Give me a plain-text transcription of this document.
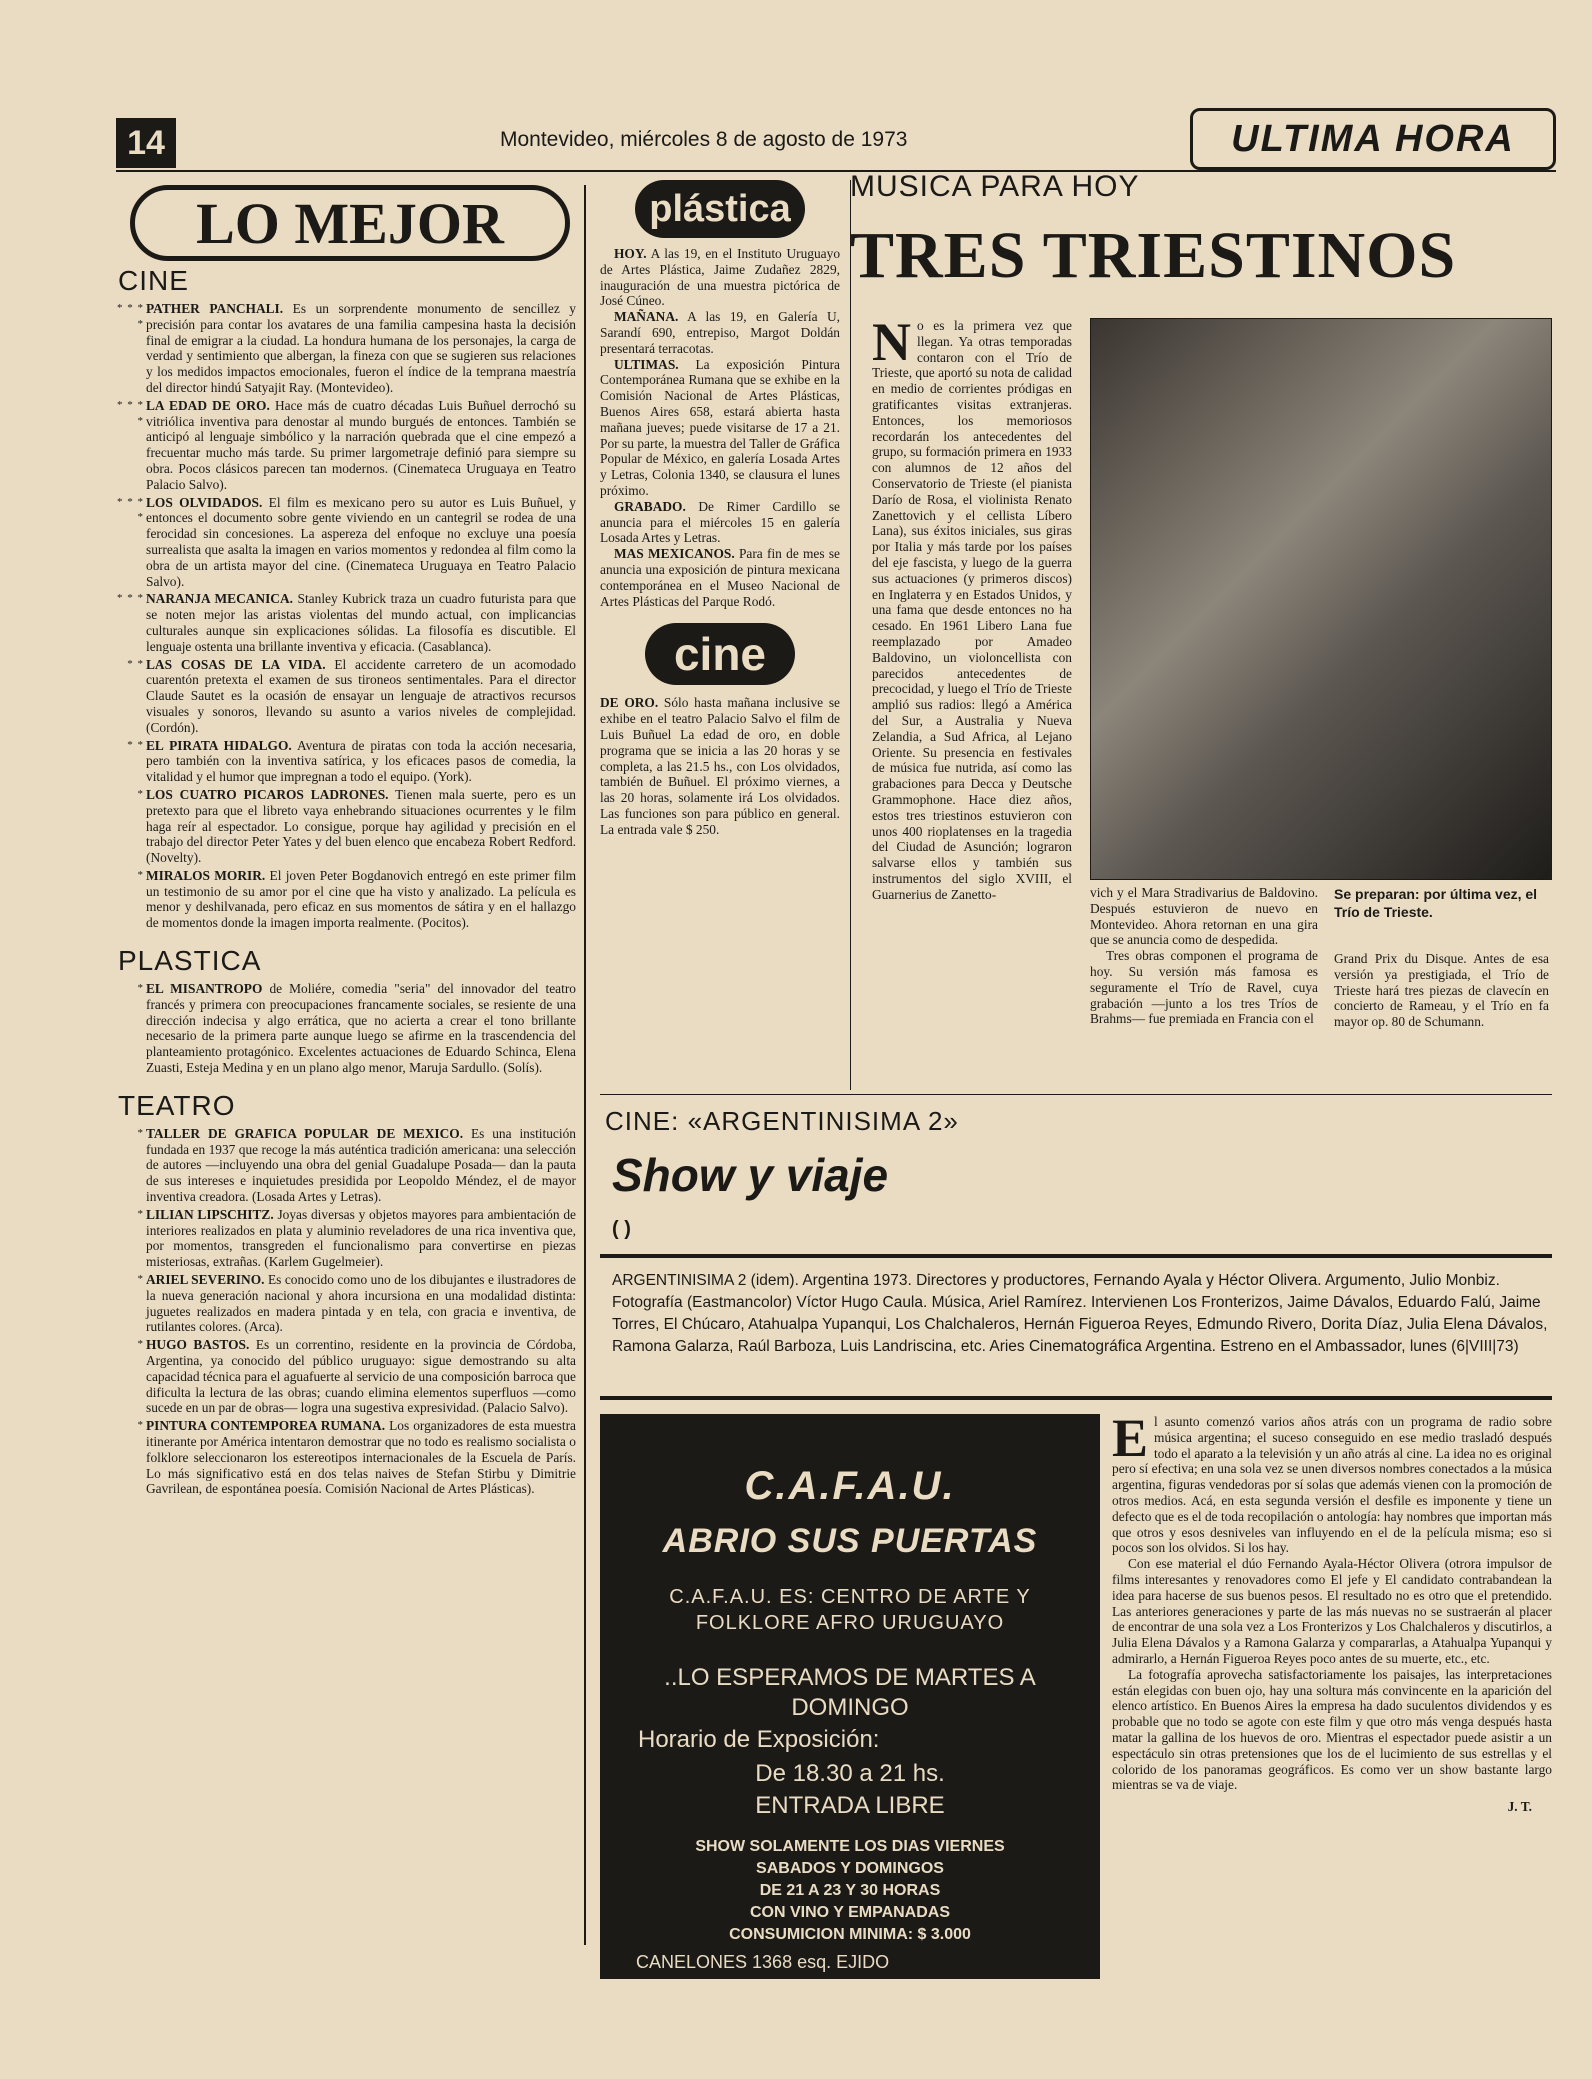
14	Montevideo, miércoles 8 de agosto de 1973	ULTIMA HORA
LO MEJOR
CINE

* * * *
PATHER PANCHALI. Es un sorprendente monumento de sencillez y precisión para contar los avatares de una familia campesina hasta la decisión final de emigrar a la ciudad. La hondura humana de los personajes, la carga de verdad y sentimiento que albergan, la fineza con que se sugieren sus relaciones y los medidos impactos emocionales, fueron el índice de la temprana maestría del director hindú Satyajit Ray. (Montevideo).

* * * *
LA EDAD DE ORO. Hace más de cuatro décadas Luis Buñuel derrochó su vitriólica inventiva para denostar al mundo burgués de entonces. También se anticipó al lenguaje simbólico y la narración quebrada que el cine empezó a frecuentar mucho más tarde. Su primer largometraje definió para siempre su obra. Pocos clásicos parecen tan modernos. (Cinemateca Uruguaya en Teatro Palacio Salvo).

* * * *
LOS OLVIDADOS. El film es mexicano pero su autor es Luis Buñuel, y entonces el documento sobre gente viviendo en un cantegril se rodea de una ferocidad sin concesiones. La aspereza del enfoque no excluye una poesía surrealista que asalta la imagen en varios momentos y redondea al film como la obra de un artista mayor del cine. (Cinemateca Uruguaya en Teatro Palacio Salvo).

* * * NARANJA MECANICA. Stanley Kubrick traza un cuadro futurista para que se noten mejor las aristas violentas del mundo actual, con implicancias culturales aunque sin explicaciones sólidas. La filosofía es discutible. El lenguaje ostenta una brillante inventiva y eficacia. (Casablanca).

* * LAS COSAS DE LA VIDA. El accidente carretero de un acomodado cuarentón pretexta el examen de sus tironeos sentimentales. Para el director Claude Sautet es la ocasión de ensayar un lenguaje de atractivos recursos visuales y sonoros, llevando su asunto a varios niveles de complejidad. (Cordón).

* * EL PIRATA HIDALGO. Aventura de piratas con toda la acción necesaria, pero también con la inventiva satírica, y los eficaces pasos de comedia, la vitalidad y el humor que impregnan a todo el equipo. (York).

* LOS CUATRO PICAROS LADRONES. Tienen mala suerte, pero es un pretexto para que el libreto vaya enhebrando situaciones ocurrentes y le film haga reír al espectador. Lo consigue, porque hay agilidad y precisión en el trabajo del director Peter Yates y del buen elenco que encabeza Robert Redford. (Novelty).

* MIRALOS MORIR. El joven Peter Bogdanovich entregó en este primer film un testimonio de su amor por el cine que ha visto y analizado. La película es menor y deshilvanada, pero eficaz en sus momentos de sátira y en el hallazgo de momentos donde la imagen importa realmente. (Pocitos).

PLASTICA

* EL MISANTROPO de Moliére, comedia "seria" del innovador del teatro francés y primera con preocupaciones francamente sociales, se resiente de una dirección indecisa y algo errática, que no acierta a crear el tono brillante necesario de la primera parte aunque luego se afirme en la trascendencia del planteamiento protagónico. Excelentes actuaciones de Eduardo Schinca, Elena Zuasti, Esteja Medina y en un plano algo menor, Maruja Sardullo. (Solís).

TEATRO

* TALLER DE GRAFICA POPULAR DE MEXICO. Es una institución fundada en 1937 que recoge la más auténtica tradición americana: una selección de autores —incluyendo una obra del genial Guadalupe Posada— dan la pauta de sus intereses e inquietudes presidida por Leopoldo Méndez, el de mayor inventiva creadora. (Losada Artes y Letras).

* LILIAN LIPSCHITZ. Joyas diversas y objetos mayores para ambientación de interiores realizados en plata y aluminio reveladores de una rica inventiva que, por momentos, transgreden el funcionalismo para convertirse en piezas misteriosas, extrañas. (Karlem Gugelmeier).

* ARIEL SEVERINO. Es conocido como uno de los dibujantes e ilustradores de la nueva generación nacional y ahora incursiona en una modalidad distinta: juguetes realizados en madera pintada y en tela, con gracia e inventiva, de rutilantes colores. (Arca).

* HUGO BASTOS. Es un correntino, residente en la provincia de Córdoba, Argentina, ya conocido del público uruguayo: sigue demostrando su alta capacidad técnica para el aguafuerte al servicio de una composición barroca que dificulta la lectura de las obras; cuando elimina elementos superfluos —como sucede en un par de obras— logra una sugestiva expresividad. (Palacio Salvo).

* PINTURA CONTEMPOREA RUMANA. Los organizadores de esta muestra itinerante por América intentaron demostrar que no todo es realismo socialista o folklore seleccionaron los estereotipos internacionales de la Escuela de París. Lo más significativo está en dos telas naives de Stefan Stirbu y Dimitrie Gavrilean, de espontánea poesía. Comisión Nacional de Artes Plásticas).

plástica

HOY. A las 19, en el Instituto Uruguayo de Artes Plástica, Jaime Zudañez 2829, inauguración de una muestra pictórica de José Cúneo.

MAÑANA. A las 19, en Galería U, Sarandí 690, entrepiso, Margot Doldán presentará terracotas.

ULTIMAS. La exposición Pintura Contemporánea Rumana que se exhibe en la Comisión Nacional de Artes Plásticas, Buenos Aires 658, estará abierta hasta mañana jueves; puede visitarse de 17 a 21. Por su parte, la muestra del Taller de Gráfica Popular de México, en galería Losada Artes y Letras, Colonia 1340, se clausura el lunes próximo.

GRABADO. De Rimer Cardillo se anuncia para el miércoles 15 en galería Losada Artes y Letras.

MAS MEXICANOS. Para fin de mes se anuncia una exposición de pintura mexicana contemporánea en el Museo Nacional de Artes Plásticas del Parque Rodó.

cine

DE ORO. Sólo hasta mañana inclusive se exhibe en el teatro Palacio Salvo el film de Luis Buñuel La edad de oro, en doble programa que se inicia a las 20 horas y se completa, a las 21.5 hs., con Los olvidados, también de Buñuel. El próximo viernes, a las 20 horas, solamente irá Los olvidados. Las funciones son para público en general. La entrada vale $ 250.

MUSICA PARA HOY
TRES TRIESTINOS

No es la primera vez que llegan. Ya otras temporadas contaron con el Trío de Trieste, que aportó su nota de calidad en medio de corrientes pródigas en gratificantes visitas extranjeras. Entonces, los memoriosos recordarán los antecedentes del grupo, su formación primera en 1933 con alumnos de 12 años del Conservatorio de Trieste (el pianista Darío de Rosa, el violinista Renato Zanettovich y el cellista Líbero Lana), sus éxitos iniciales, sus giras por Italia y más tarde por los países del eje fascista, y luego de la guerra sus actuaciones (y primeros discos) en Inglaterra y en Estados Unidos, y una fama que desde entonces no ha cesado. En 1961 Libero Lana fue reemplazado por Amadeo Baldovino, un violoncellista con parecidos antecedentes de precocidad, y luego el Trío de Trieste amplió sus radios: llegó a América del Sur, a Australia y Nueva Zelandia, a Sud Africa, al Lejano Oriente. Su presencia en festivales de música fue nutrida, así como las grabaciones para Decca y Deutsche Grammophone. Hace diez años, estos tres triestinos estuvieron con unos 400 rioplatenses en la tragedia del Ciudad de Asunción; lograron salvarse ellos y también sus instrumentos del siglo XVIII, el Guarnerius de Zanetto-	vich y el Mara Stradivarius de Baldovino. Después estuvieron de nuevo en Montevideo. Ahora retornan en una gira que se anuncia como de despedida.

Tres obras componen el programa de hoy. Su versión más famosa es seguramente el Trío de Ravel, cuya grabación —junto a los tres Tríos de Brahms— fue premiada en Francia con el

Se preparan: por última vez, el Trío de Trieste.

Grand Prix du Disque. Antes de esa versión ya prestigiada, el Trío de Trieste hará tres piezas de clavecín en concierto de Rameau, y el Trío en fa mayor op. 80 de Schumann.

CINE: «ARGENTINISIMA 2»
Show y viaje
( )
ARGENTINISIMA 2 (idem). Argentina 1973. Directores y productores, Fernando Ayala y Héctor Olivera. Argumento, Julio Monbiz. Fotografía (Eastmancolor) Víctor Hugo Caula. Música, Ariel Ramírez. Intervienen Los Fronterizos, Jaime Dávalos, Eduardo Falú, Jaime Torres, El Chúcaro, Atahualpa Yupanqui, Los Chalchaleros, Hernán Figueroa Reyes, Edmundo Rivero, Dorita Díaz, Julia Elena Dávalos, Ramona Galarza, Raúl Barboza, Luis Landriscina, etc. Aries Cinematográfica Argentina. Estreno en el Ambassador, lunes (6|VIII|73)
C.A.F.A.U.
ABRIO SUS PUERTAS
C.A.F.A.U. ES: CENTRO DE ARTE Y
FOLKLORE AFRO URUGUAYO
..LO ESPERAMOS DE MARTES A
DOMINGO
Horario de Exposición:
De 18.30 a 21 hs.
ENTRADA LIBRE
SHOW SOLAMENTE LOS DIAS VIERNES
SABADOS Y DOMINGOS
DE 21 A 23 Y 30 HORAS
CON VINO Y EMPANADAS
CONSUMICION MINIMA: $ 3.000
CANELONES 1368 esq. EJIDO

El asunto comenzó varios años atrás con un programa de radio sobre música argentina; el suceso conseguido en ese medio trasladó después todo el aparato a la televisión y un año atrás al cine. La idea no es original pero sí efectiva; en una sola vez se unen diversos nombres conectados a la música argentina, figuras vendedoras por sí solas que además vienen con la promoción de otros medios. Acá, en esta segunda versión el desfile es imponente y tiene un defecto que es el de toda recopilación o antología: hay nombres que importan más que otros y esos desniveles van influyendo en el de la película misma; eso si pocos son los olvidos. Si los hay.

Con ese material el dúo Fernando Ayala-Héctor Olivera (otrora impulsor de films interesantes y renovadores como El jefe y El candidato contrabandean la idea para hacerse de sus buenos pesos. El resultado no es otro que el pretendido. Las anteriores generaciones y parte de las más nuevas no se sustraerán al placer de encontrar de una sola vez a Los Fronterizos y Los Chalchaleros y discutirlos, a Julia Elena Dávalos y a Ramona Galarza y compararlas, a Atahualpa Yupanqui y admirarlo, a Hernán Figueroa Reyes poco antes de su muerte, etc., etc.

La fotografía aprovecha satisfactoriamente los paisajes, las interpretaciones están elegidas con buen ojo, hay una soltura más convincente en la aparición del elenco artístico. En Buenos Aires la empresa ha dado suculentos dividendos y es probable que no todo se agote con este film y que otro más venga después hasta matar la gallina de los huevos de oro. Mientras el espectador puede asistir a un espectáculo sin otras pretensiones que los de el lucimiento de sus estrellas y el colorido de los panoramas geográficos. Es como ver un show bastante largo mientras se va de viaje.

J. T.
